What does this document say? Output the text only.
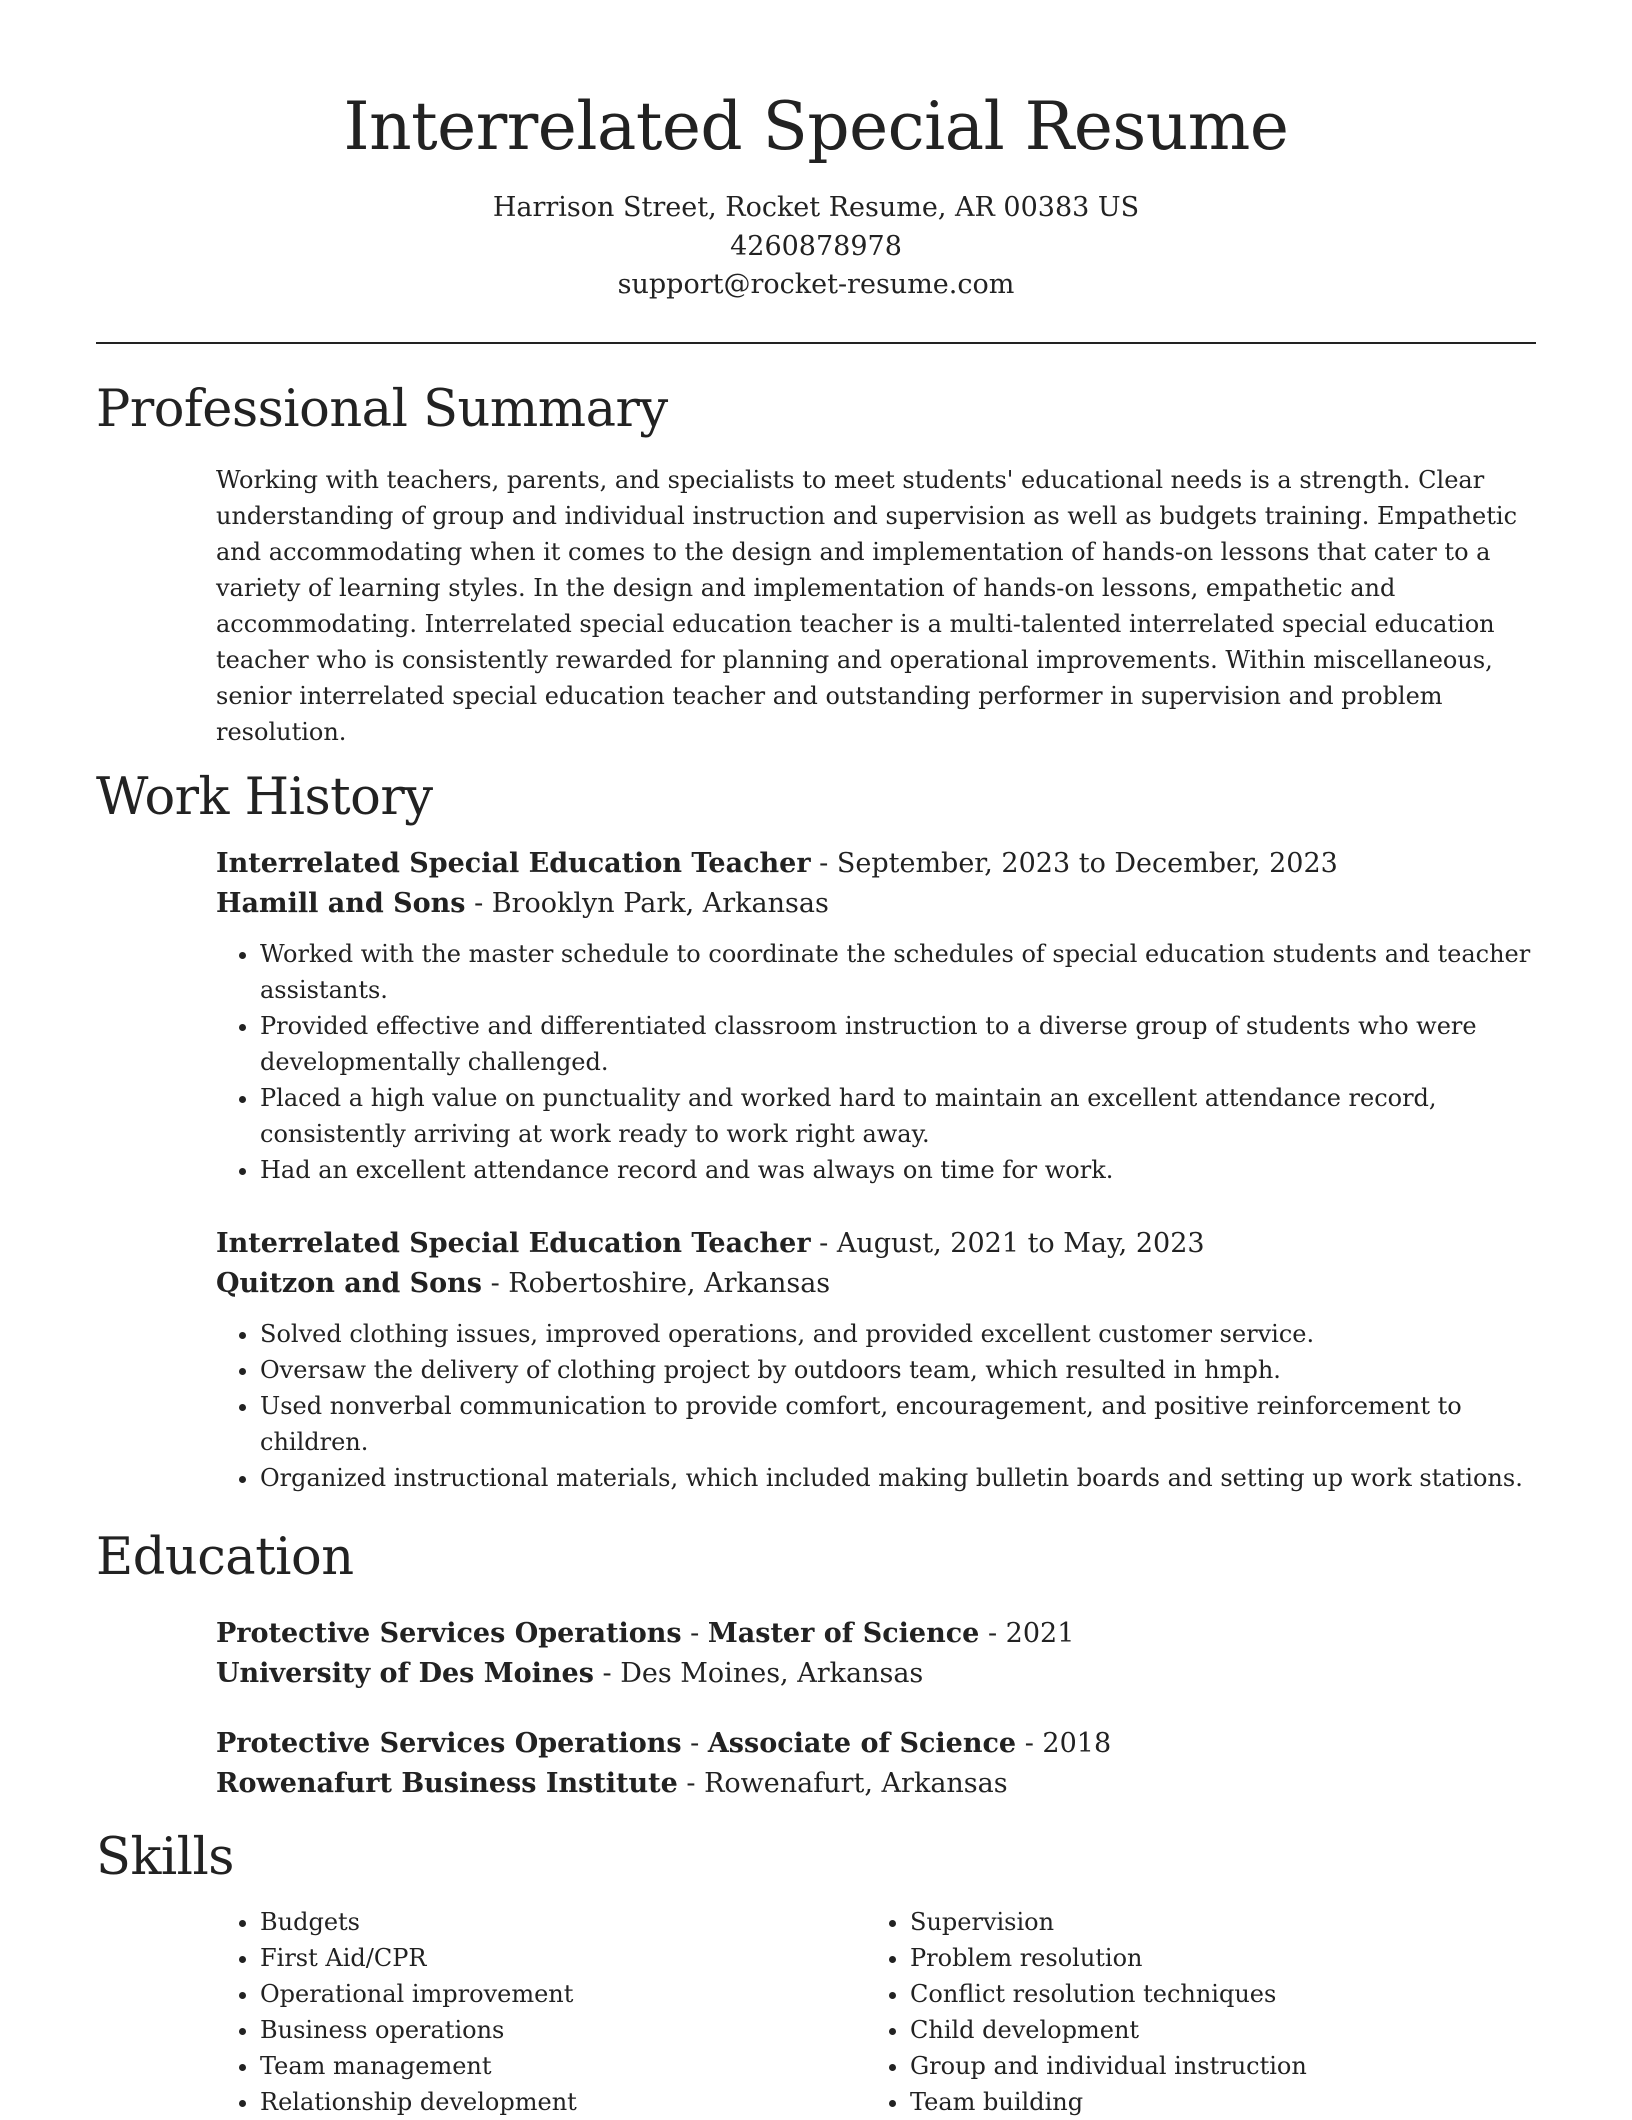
Interrelated Special Resume
Harrison Street, Rocket Resume, AR 00383 US
4260878978
support@rocket-resume.com
Professional Summary

Working with teachers, parents, and specialists to meet students' educational needs is a strength. Clear understanding of group and individual instruction and supervision as well as budgets training. Empathetic and accommodating when it comes to the design and implementation of hands-on lessons that cater to a variety of learning styles. In the design and implementation of hands-on lessons, empathetic and accommodating. Interrelated special education teacher is a multi-talented interrelated special education teacher who is consistently rewarded for planning and operational improvements. Within miscellaneous, senior interrelated special education teacher and outstanding performer in supervision and problem resolution.

Work History
Interrelated Special Education Teacher - September, 2023 to December, 2023
Hamill and Sons - Brooklyn Park, Arkansas
• Worked with the master schedule to coordinate the schedules of special education students and teacher assistants.
• Provided effective and differentiated classroom instruction to a diverse group of students who were developmentally challenged.
• Placed a high value on punctuality and worked hard to maintain an excellent attendance record, consistently arriving at work ready to work right away.
• Had an excellent attendance record and was always on time for work.
Interrelated Special Education Teacher - August, 2021 to May, 2023
Quitzon and Sons - Robertoshire, Arkansas
• Solved clothing issues, improved operations, and provided excellent customer service.
• Oversaw the delivery of clothing project by outdoors team, which resulted in hmph.
• Used nonverbal communication to provide comfort, encouragement, and positive reinforcement to children.
• Organized instructional materials, which included making bulletin boards and setting up work stations.
Education
Protective Services Operations - Master of Science - 2021
University of Des Moines - Des Moines, Arkansas
Protective Services Operations - Associate of Science - 2018
Rowenafurt Business Institute - Rowenafurt, Arkansas
Skills
• Budgets
• First Aid/CPR
• Operational improvement
• Business operations
• Team management
• Relationship development
• Supervision
• Problem resolution
• Conflict resolution techniques
• Child development
• Group and individual instruction
• Team building
